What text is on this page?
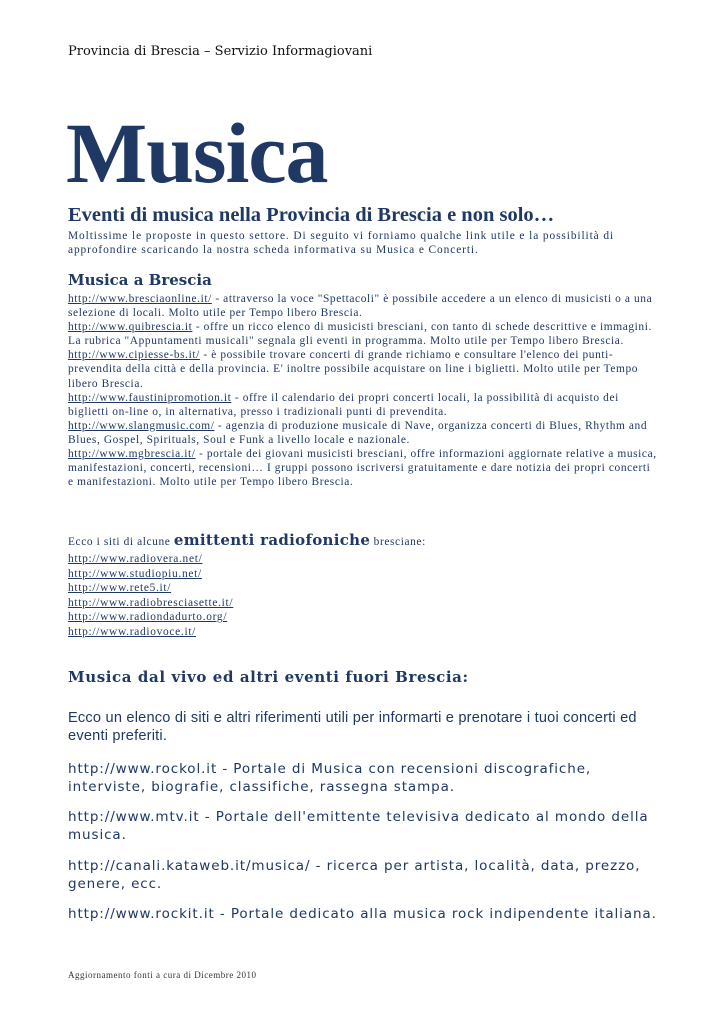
Provincia di Brescia – Servizio Informagiovani
Musica
Eventi di musica nella Provincia di Brescia e non solo…
Moltissime le proposte in questo settore. Di seguito vi forniamo qualche link utile e la possibilità di approfondire scaricando la nostra scheda informativa su Musica e Concerti.
Musica a Brescia

http://www.bresciaonline.it/ - attraverso la voce "Spettacoli" è possibile accedere a un elenco di musicisti o a una selezione di locali. Molto utile per Tempo libero Brescia.

http://www.quibrescia.it - offre un ricco elenco di musicisti bresciani, con tanto di schede descrittive e immagini. La rubrica "Appuntamenti musicali" segnala gli eventi in programma. Molto utile per Tempo libero Brescia.

http://www.cipiesse-bs.it/ - è possibile trovare concerti di grande richiamo e consultare l'elenco dei punti-prevendita della città e della provincia. E' inoltre possibile acquistare on line i biglietti. Molto utile per Tempo libero Brescia.

http://www.faustinipromotion.it - offre il calendario dei propri concerti locali, la possibilità di acquisto dei biglietti on-line o, in alternativa, presso i tradizionali punti di prevendita.

http://www.slangmusic.com/ - agenzia di produzione musicale di Nave, organizza concerti di Blues, Rhythm and Blues, Gospel, Spirituals, Soul e Funk a livello locale e nazionale.

http://www.mgbrescia.it/ - portale dei giovani musicisti bresciani, offre informazioni aggiornate relative a musica, manifestazioni, concerti, recensioni… I gruppi possono iscriversi gratuitamente e dare notizia dei propri concerti e manifestazioni. Molto utile per Tempo libero Brescia.

Ecco i siti di alcune emittenti radiofoniche bresciane:
http://www.radiovera.net/
http://www.studiopiu.net/
http://www.rete5.it/
http://www.radiobresciasette.it/
http://www.radiondadurto.org/
http://www.radiovoce.it/
Musica dal vivo ed altri eventi fuori Brescia:
Ecco un elenco di siti e altri riferimenti utili per informarti e prenotare i tuoi concerti ed eventi preferiti.
http://www.rockol.it - Portale di Musica con recensioni discografiche, interviste, biografie, classifiche, rassegna stampa.
http://www.mtv.it - Portale dell'emittente televisiva dedicato al mondo della musica.
http://canali.kataweb.it/musica/ - ricerca per artista, località, data, prezzo, genere, ecc.
http://www.rockit.it - Portale dedicato alla musica rock indipendente italiana.
Aggiornamento fonti a cura di Dicembre 2010
